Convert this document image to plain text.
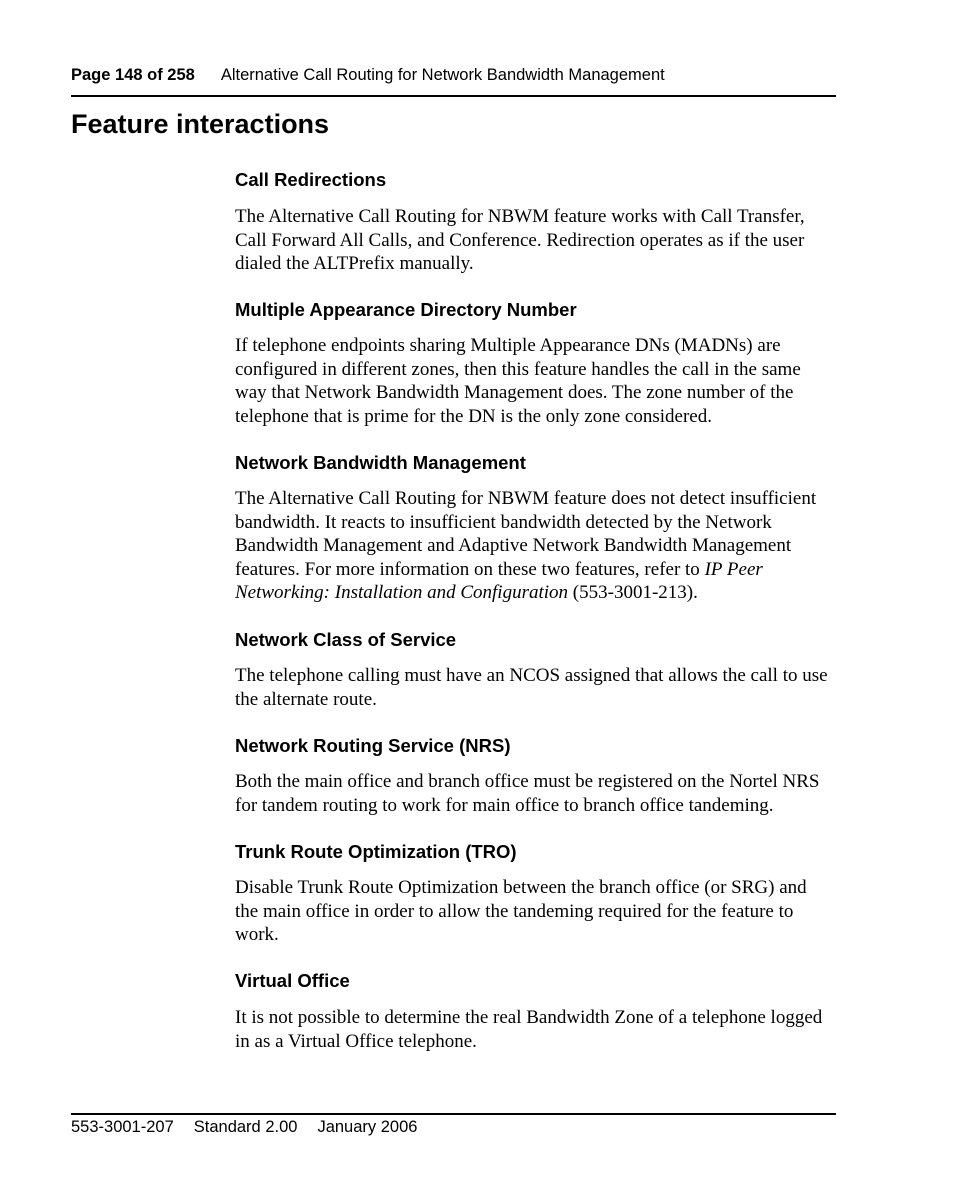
Page 148 of 258 Alternative Call Routing for Network Bandwidth Management
Feature interactions
Call Redirections

The Alternative Call Routing for NBWM feature works with Call Transfer,
Call Forward All Calls, and Conference. Redirection operates as if the user
dialed the ALTPrefix manually.

Multiple Appearance Directory Number

If telephone endpoints sharing Multiple Appearance DNs (MADNs) are
configured in different zones, then this feature handles the call in the same
way that Network Bandwidth Management does. The zone number of the
telephone that is prime for the DN is the only zone considered.

Network Bandwidth Management

The Alternative Call Routing for NBWM feature does not detect insufficient
bandwidth. It reacts to insufficient bandwidth detected by the Network
Bandwidth Management and Adaptive Network Bandwidth Management
features. For more information on these two features, refer to IP Peer
Networking: Installation and Configuration (553-3001-213).

Network Class of Service

The telephone calling must have an NCOS assigned that allows the call to use
the alternate route.

Network Routing Service (NRS)

Both the main office and branch office must be registered on the Nortel NRS
for tandem routing to work for main office to branch office tandeming.

Trunk Route Optimization (TRO)

Disable Trunk Route Optimization between the branch office (or SRG) and
the main office in order to allow the tandeming required for the feature to
work.

Virtual Office

It is not possible to determine the real Bandwidth Zone of a telephone logged
in as a Virtual Office telephone.

553-3001-207 Standard 2.00 January 2006
